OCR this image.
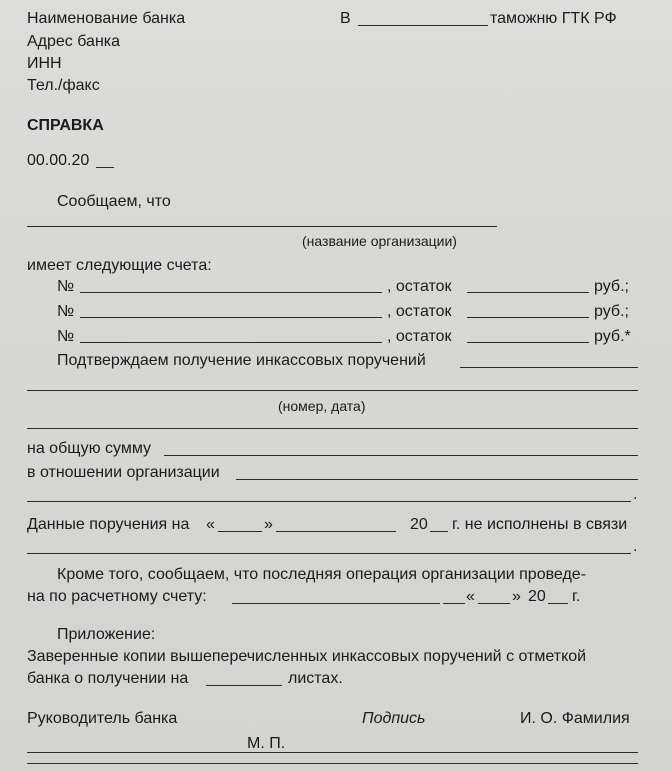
Наименование банка
Адрес банка
ИНН
Тел./факс
В	таможню ГТК РФ
СПРАВКА
00.00.20
Сообщаем, что
(название организации)
имеет следующие счета:
№	, остаток	руб.;
№	, остаток	руб.;
№	, остаток	руб.*
Подтверждаем получение инкассовых поручений
(номер, дата)
на общую сумму
в отношении организации
.
Данные поручения на «	»	20 г. не исполнены в связи
.
Кроме того, сообщаем, что последняя операция организации проведе-
на по расчетному счету:	« » 20 г.
Приложение:
Заверенные копии вышеперечисленных инкассовых поручений с отметкой
банка о получении на	листах.
Руководитель банка	Подпись	И. О. Фамилия
М. П.
